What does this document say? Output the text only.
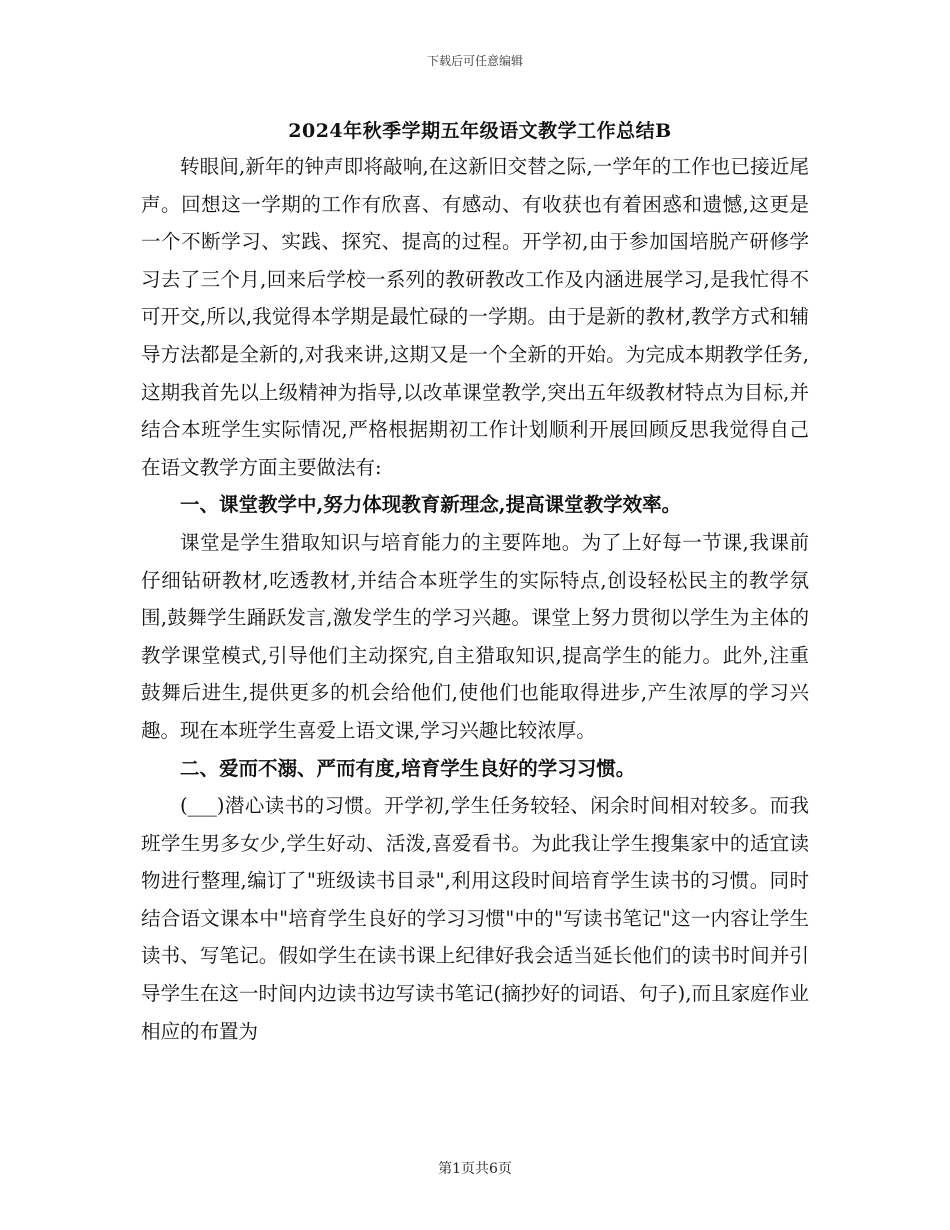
下载后可任意编辑
2024年秋季学期五年级语文教学工作总结B

转眼间,新年的钟声即将敲响,在这新旧交替之际,一学年的工作也已接近尾声。回想这一学期的工作有欣喜、有感动、有收获也有着困惑和遗憾,这更是一个不断学习、实践、探究、提高的过程。开学初,由于参加国培脱产研修学习去了三个月,回来后学校一系列的教研教改工作及内涵进展学习,是我忙得不可开交,所以,我觉得本学期是最忙碌的一学期。由于是新的教材,教学方式和辅导方法都是全新的,对我来讲,这期又是一个全新的开始。为完成本期教学任务,这期我首先以上级精神为指导,以改革课堂教学,突出五年级教材特点为目标,并结合本班学生实际情况,严格根据期初工作计划顺利开展回顾反思我觉得自己在语文教学方面主要做法有:

一、课堂教学中,努力体现教育新理念,提高课堂教学效率。

课堂是学生猎取知识与培育能力的主要阵地。为了上好每一节课,我课前仔细钻研教材,吃透教材,并结合本班学生的实际特点,创设轻松民主的教学氛围,鼓舞学生踊跃发言,激发学生的学习兴趣。课堂上努力贯彻以学生为主体的教学课堂模式,引导他们主动探究,自主猎取知识,提高学生的能力。此外,注重鼓舞后进生,提供更多的机会给他们,使他们也能取得进步,产生浓厚的学习兴趣。现在本班学生喜爱上语文课,学习兴趣比较浓厚。

二、爱而不溺、严而有度,培育学生良好的学习习惯。

(___)潜心读书的习惯。开学初,学生任务较轻、闲余时间相对较多。而我班学生男多女少,学生好动、活泼,喜爱看书。为此我让学生搜集家中的适宜读物进行整理,编订了"班级读书目录",利用这段时间培育学生读书的习惯。同时结合语文课本中"培育学生良好的学习习惯"中的"写读书笔记"这一内容让学生读书、写笔记。假如学生在读书课上纪律好我会适当延长他们的读书时间并引导学生在这一时间内边读书边写读书笔记(摘抄好的词语、句子),而且家庭作业相应的布置为

第1页共6页
